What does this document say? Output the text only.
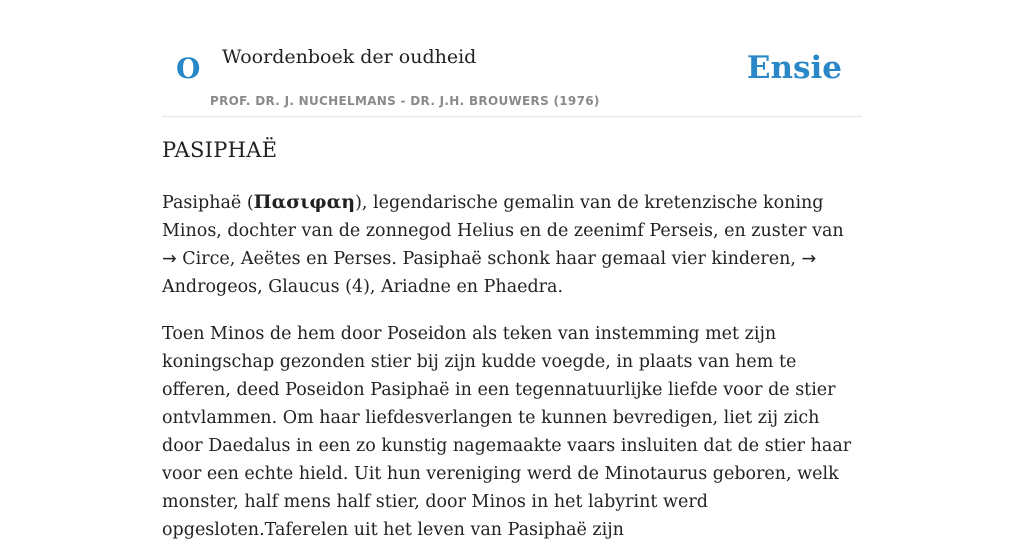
O Woordenboek der oudheid
PROF. DR. J. NUCHELMANS - DR. J.H. BROUWERS (1976)
Ensie
PASIPHAË

Pasiphaë (Πασιφαη), legendarische gemalin van de kretenzische koning Minos, dochter van de zonnegod Helius en de zeenimf Perseis, en zuster van → Circe, Aeëtes en Perses. Pasiphaë schonk haar gemaal vier kinderen, → Androgeos, Glaucus (4), Ariadne en Phaedra.

Toen Minos de hem door Poseidon als teken van instemming met zijn koningschap gezonden stier bij zijn kudde voegde, in plaats van hem te offeren, deed Poseidon Pasiphaë in een tegennatuurlijke liefde voor de stier ontvlammen. Om haar liefdesverlangen te kunnen bevredigen, liet zij zich door Daedalus in een zo kunstig nagemaakte vaars insluiten dat de stier haar voor een echte hield. Uit hun vereniging werd de Minotaurus geboren, welk monster, half mens half stier, door Minos in het labyrint werd opgesloten.Taferelen uit het leven van Pasiphaë zijn
